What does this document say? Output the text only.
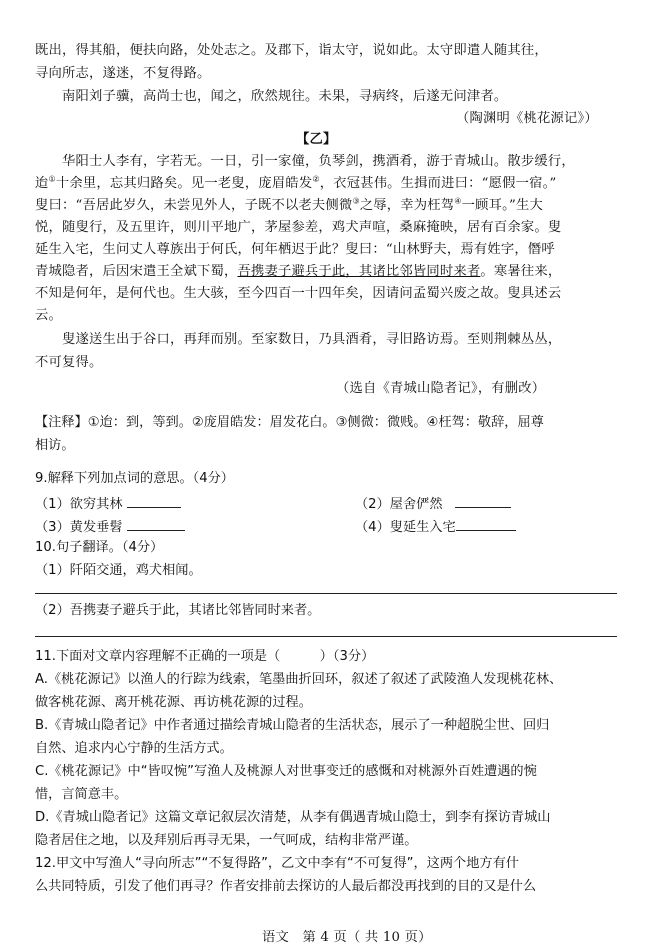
既出，得其船，便扶向路，处处志之。及郡下，诣太守，说如此。太守即遣人随其往，
寻向所志，遂迷，不复得路。
南阳刘子骥，高尚士也，闻之，欣然规往。未果，寻病终，后遂无问津者。
（陶渊明《桃花源记》）
【乙】
华阳士人李有，字若无。一日，引一家僮，负琴剑，携酒肴，游于青城山。散步缓行，
迨①十余里，忘其归路矣。见一老叟，庞眉皓发②，衣冠甚伟。生揖而进曰：“愿假一宿。”
叟曰：“吾居此岁久，未尝见外人，子既不以老夫侧微③之辱，幸为枉驾④一顾耳。”生大
悦，随叟行，及五里许，则川平地广，茅屋参差，鸡犬声喧，桑麻掩映，居有百余家。叟
延生入宅，生问丈人尊族出于何氏，何年栖迟于此？叟曰：“山林野夫，焉有姓字，僭呼
青城隐者，后因宋遣王全斌下蜀，吾携妻子避兵于此，其诸比邻皆同时来者。寒暑往来，
不知是何年，是何代也。生大骇，至今四百一十四年矣，因请问孟蜀兴废之故。叟具述云
云。
叟遂送生出于谷口，再拜而别。至家数日，乃具酒肴，寻旧路访焉。至则荆棘丛丛，
不可复得。
（选自《青城山隐者记》，有删改）
【注释】①迨：到，等到。②庞眉皓发：眉发花白。③侧微：微贱。④枉驾：敬辞，屈尊
相访。
9.解释下列加点词的意思。（4分）
（1）欲穷其林	（2）屋舍俨然
（3）黄发垂髫	（4）叟延生入宅
10.句子翻译。（4分）
（1）阡陌交通，鸡犬相闻。
（2）吾携妻子避兵于此，其诸比邻皆同时来者。
11.下面对文章内容理解不正确的一项是（　　　）（3分）
A.《桃花源记》以渔人的行踪为线索，笔墨曲折回环，叙述了叙述了武陵渔人发现桃花林、
做客桃花源、离开桃花源、再访桃花源的过程。
B.《青城山隐者记》中作者通过描绘青城山隐者的生活状态，展示了一种超脱尘世、回归
自然、追求内心宁静的生活方式。
C.《桃花源记》中“皆叹惋”写渔人及桃源人对世事变迁的感慨和对桃源外百姓遭遇的惋
惜，言简意丰。
D.《青城山隐者记》这篇文章记叙层次清楚，从李有偶遇青城山隐士，到李有探访青城山
隐者居住之地，以及拜别后再寻无果，一气呵成，结构非常严谨。
12.甲文中写渔人“寻向所志”“不复得路”，乙文中李有“不可复得”，这两个地方有什
么共同特质，引发了他们再寻？作者安排前去探访的人最后都没再找到的目的又是什么
语文　第 4 页（ 共 10 页）
